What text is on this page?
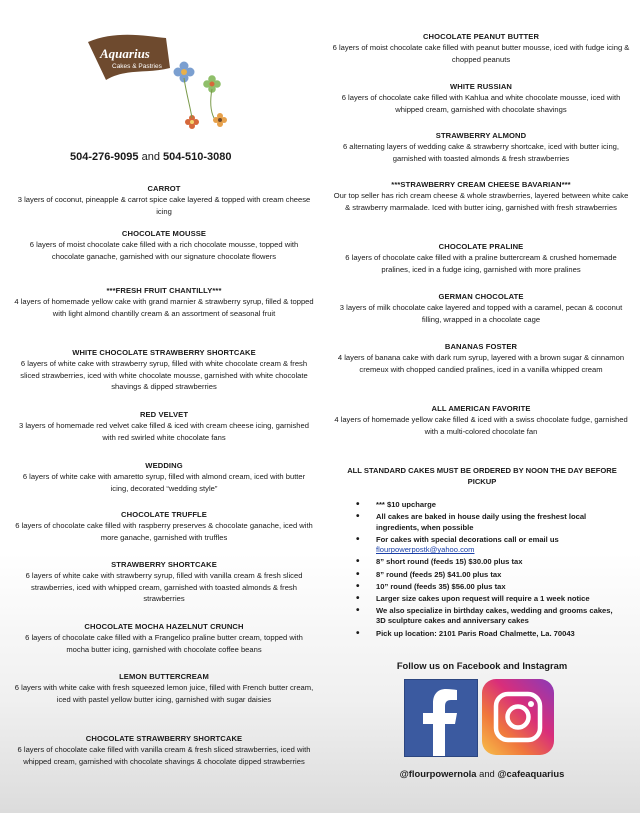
Aquarius
Cakes & Pastries
504-276-9095 and 504-510-3080
CARROT
3 layers of coconut, pineapple & carrot spice cake layered & topped with cream cheese icing
CHOCOLATE MOUSSE
6 layers of moist chocolate cake filled with a rich chocolate mousse, topped with chocolate ganache, garnished with our signature chocolate flowers
***FRESH FRUIT CHANTILLY***
4 layers of homemade yellow cake with grand marnier & strawberry syrup, filled & topped with light almond chantilly cream & an assortment of seasonal fruit
WHITE CHOCOLATE STRAWBERRY SHORTCAKE
6 layers of white cake with strawberry syrup, filled with white chocolate cream & fresh sliced strawberries, iced with white chocolate mousse, garnished with white chocolate shavings & dipped strawberries
RED VELVET
3 layers of homemade red velvet cake filled & iced with cream cheese icing, garnished with red swirled white chocolate fans
WEDDING
6 layers of white cake with amaretto syrup, filled with almond cream, iced with butter icing, decorated “wedding style”
CHOCOLATE TRUFFLE
6 layers of chocolate cake filled with raspberry preserves & chocolate ganache, iced with more ganache, garnished with truffles
STRAWBERRY SHORTCAKE
6 layers of white cake with strawberry syrup, filled with vanilla cream & fresh sliced strawberries, iced with whipped cream, garnished with toasted almonds & fresh strawberries
CHOCOLATE MOCHA HAZELNUT CRUNCH
6 layers of chocolate cake filled with a Frangelico praline butter cream, topped with mocha butter icing, garnished with chocolate coffee beans
LEMON BUTTERCREAM
6 layers with white cake with fresh squeezed lemon juice, filled with French butter cream, iced with pastel yellow butter icing, garnished with sugar daisies
CHOCOLATE STRAWBERRY SHORTCAKE
6 layers of chocolate cake filled with vanilla cream & fresh sliced strawberries, iced with whipped cream, garnished with chocolate shavings & chocolate dipped strawberries
CHOCOLATE PEANUT BUTTER
6 layers of moist chocolate cake filled with peanut butter mousse, iced with fudge icing & chopped peanuts
WHITE RUSSIAN
6 layers of chocolate cake filled with Kahlua and white chocolate mousse, iced with whipped cream, garnished with chocolate shavings
STRAWBERRY ALMOND
6 alternating layers of wedding cake & strawberry shortcake, iced with butter icing, garnished with toasted almonds & fresh strawberries
***STRAWBERRY CREAM CHEESE BAVARIAN***
Our top seller has rich cream cheese & whole strawberries, layered between white cake & strawberry marmalade. Iced with butter icing, garnished with fresh strawberries
CHOCOLATE PRALINE
6 layers of chocolate cake filled with a praline buttercream & crushed homemade pralines, iced in a fudge icing, garnished with more pralines
GERMAN CHOCOLATE
3 layers of milk chocolate cake layered and topped with a caramel, pecan & coconut filling, wrapped in a chocolate cage
BANANAS FOSTER
4 layers of banana cake with dark rum syrup, layered with a brown sugar & cinnamon cremeux with chopped candied pralines, iced in a vanilla whipped cream
ALL AMERICAN FAVORITE
4 layers of homemade yellow cake filled & iced with a swiss chocolate fudge, garnished with a multi-colored chocolate fan
ALL STANDARD CAKES MUST BE ORDERED BY NOON THE DAY BEFORE PICKUP
• *** $10 upcharge
• All cakes are baked in house daily using the freshest local ingredients, when possible
• For cakes with special decorations call or email us
flourpowerpostk@yahoo.com
• 8” short round (feeds 15) $30.00 plus tax
• 8” round (feeds 25) $41.00 plus tax
• 10” round (feeds 35) $56.00 plus tax
• Larger size cakes upon request will require a 1 week notice
• We also specialize in birthday cakes, wedding and grooms cakes, 3D sculpture cakes and anniversary cakes
• Pick up location: 2101 Paris Road Chalmette, La. 70043
Follow us on Facebook and Instagram
@flourpowernola and @cafeaquarius
